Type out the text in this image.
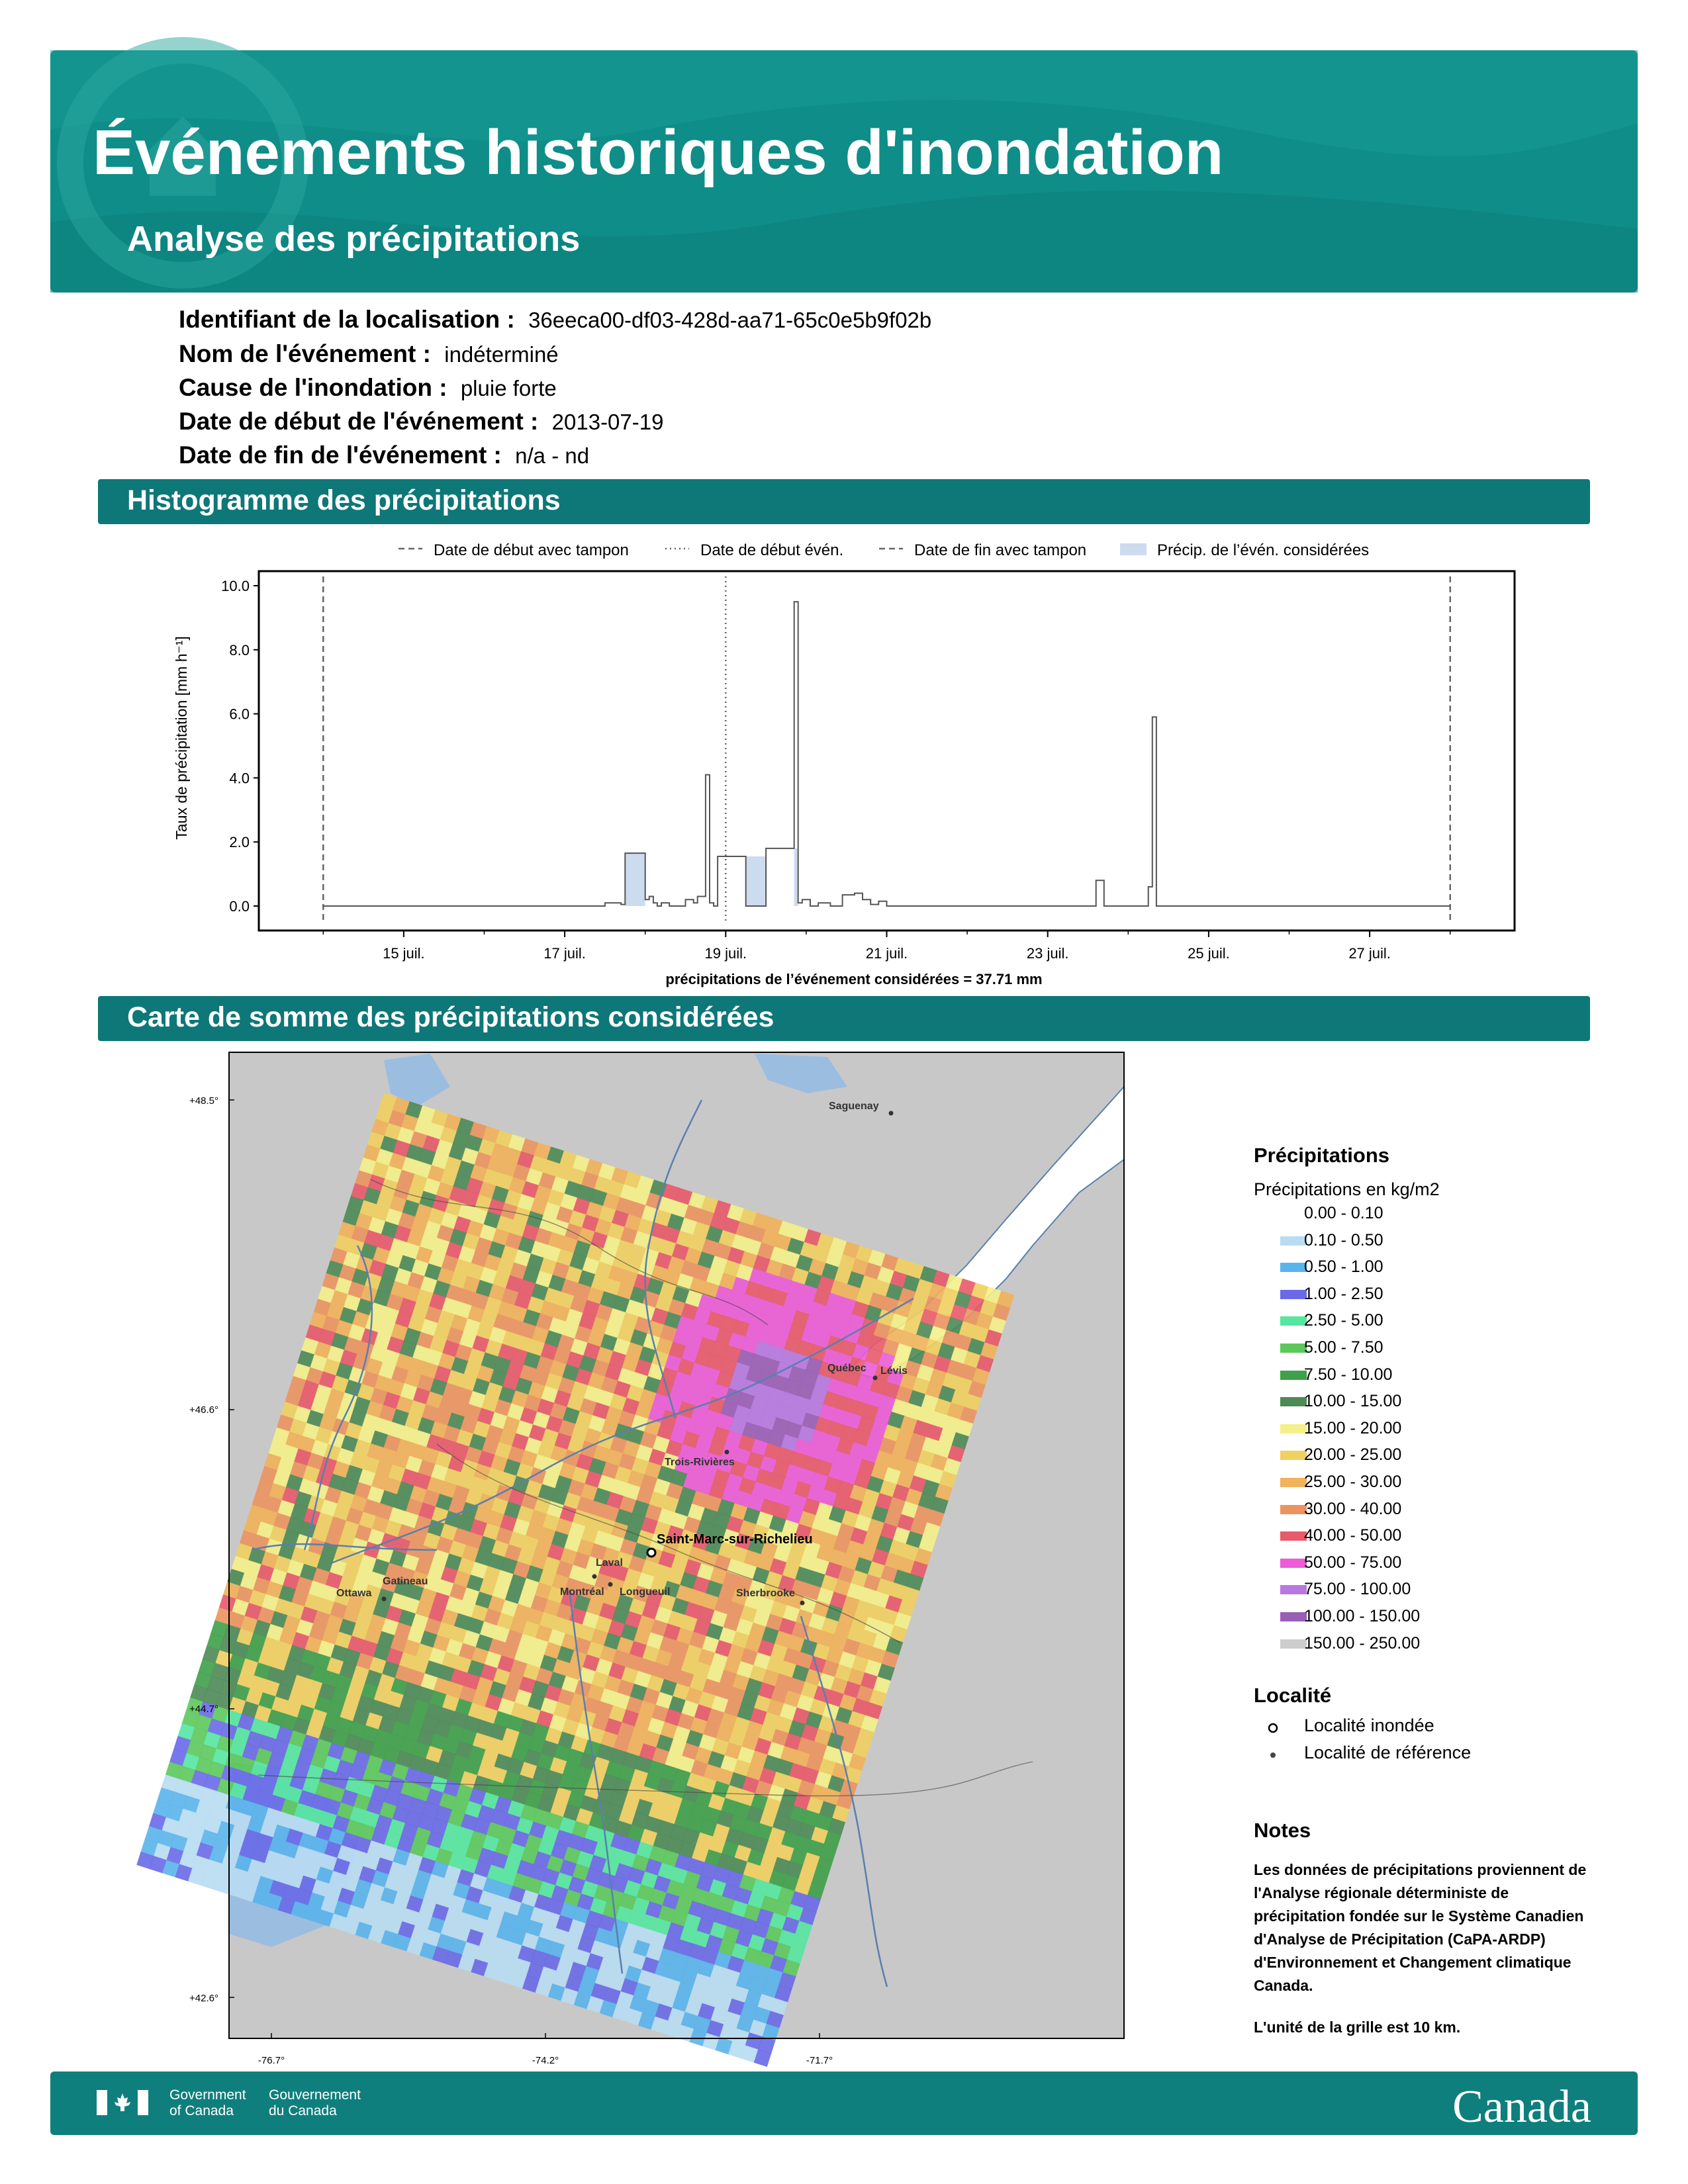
Événements historiques d'inondation
Analyse des précipitations
Identifiant de la localisation : 36eeca00-df03-428d-aa71-65c0e5b9f02b
Nom de l'événement : indéterminé
Cause de l'inondation : pluie forte
Date de début de l'événement : 2013-07-19
Date de fin de l'événement : n/a - nd
Histogramme des précipitations
Date de début avec tampon	Date de début évén.	Date de fin avec tampon	Précip. de l’évén. considérées
0.0
2.0
4.0
6.0
8.0
10.0
15 juil.	17 juil.	19 juil.	21 juil.	23 juil.	25 juil.	27 juil.
Taux de précipitation [mm h⁻¹]
précipitations de l’événement considérées = 37.71 mm
Carte de somme des précipitations considérées
+48.5°
+46.6°
+44.7°
+42.6°
-76.7°	-74.2°	-71.7°
Saguenay
Québec Lévis
Trois-Rivières
Saint-Marc-sur-Richelieu
Laval
Gatineau
Ottawa	Montréal Longueuil	Sherbrooke
Précipitations
Précipitations en kg/m2
0.00 - 0.10
0.10 - 0.50
0.50 - 1.00
1.00 - 2.50
2.50 - 5.00
5.00 - 7.50
7.50 - 10.00
10.00 - 15.00
15.00 - 20.00
20.00 - 25.00
25.00 - 30.00
30.00 - 40.00
40.00 - 50.00
50.00 - 75.00
75.00 - 100.00
100.00 - 150.00
150.00 - 250.00
Localité
Localité inondée
Localité de référence
Notes
Les données de précipitations proviennent de l'Analyse régionale déterministe de précipitation fondée sur le Système Canadien d'Analyse de Précipitation (CaPA-ARDP) d'Environnement et Changement climatique Canada.
L'unité de la grille est 10 km.
Government
of Canada
Gouvernement
du Canada	Canada
